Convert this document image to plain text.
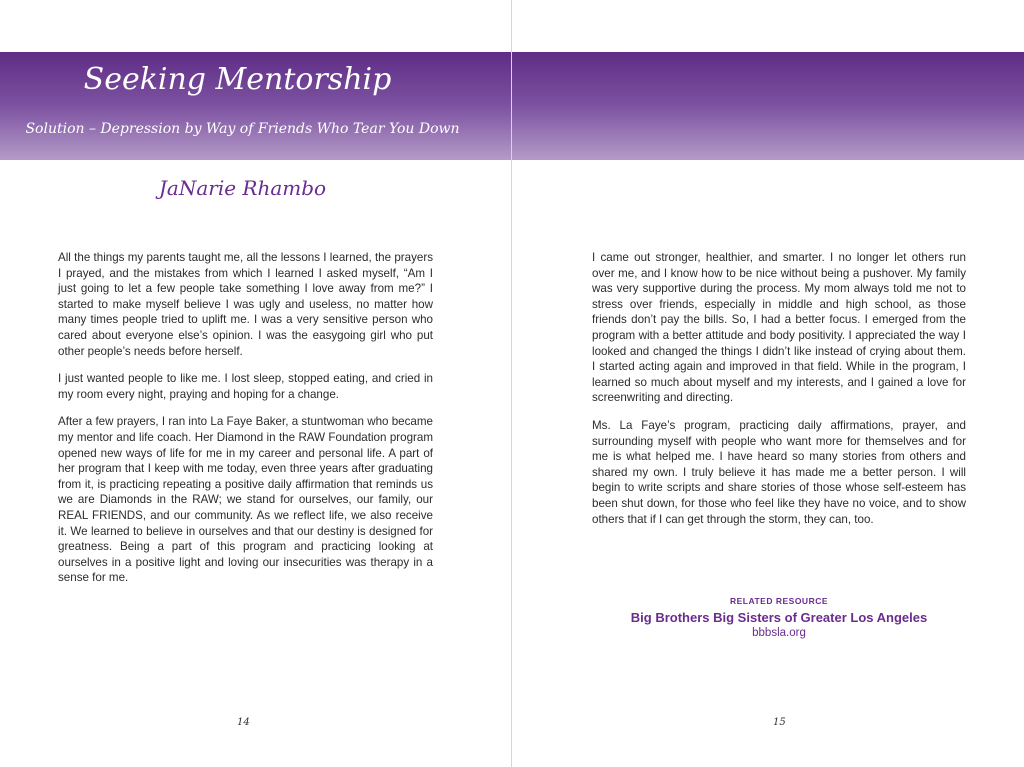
Seeking Mentorship
Solution – Depression by Way of Friends Who Tear You Down
JaNarie Rhambo

All the things my parents taught me, all the lessons I learned, the prayers I prayed, and the mistakes from which I learned I asked myself, “Am I just going to let a few people take something I love away from me?” I started to make myself believe I was ugly and useless, no matter how many times people tried to uplift me. I was a very sensitive person who cared about everyone else’s opinion. I was the easygoing girl who put other people’s needs before herself.

I just wanted people to like me. I lost sleep, stopped eating, and cried in my room every night, praying and hoping for a change.

After a few prayers, I ran into La Faye Baker, a stuntwoman who became my mentor and life coach. Her Diamond in the RAW Foundation program opened new ways of life for me in my career and personal life. A part of her program that I keep with me today, even three years after graduating from it, is practicing repeating a positive daily affirmation that reminds us we are Diamonds in the RAW; we stand for ourselves, our family, our REAL FRIENDS, and our community. As we reflect life, we also receive it. We learned to believe in ourselves and that our destiny is designed for greatness. Being a part of this program and practicing looking at ourselves in a positive light and loving our insecurities was therapy in a sense for me.

I came out stronger, healthier, and smarter. I no longer let others run over me, and I know how to be nice without being a pushover. My family was very supportive during the process. My mom always told me not to stress over friends, especially in middle and high school, as those friends don’t pay the bills. So, I had a better focus. I emerged from the program with a better attitude and body positivity. I appreciated the way I looked and changed the things I didn’t like instead of crying about them. I started acting again and improved in that field. While in the program, I learned so much about myself and my interests, and I gained a love for screenwriting and directing.

Ms. La Faye’s program, practicing daily affirmations, prayer, and surrounding myself with people who want more for themselves and for me is what helped me. I have heard so many stories from others and shared my own. I truly believe it has made me a better person. I will begin to write scripts and share stories of those whose self-esteem has been shut down, for those who feel like they have no voice, and to show others that if I can get through the storm, they can, too.

RELATED RESOURCE
Big Brothers Big Sisters of Greater Los Angeles
bbbsla.org
14	15
